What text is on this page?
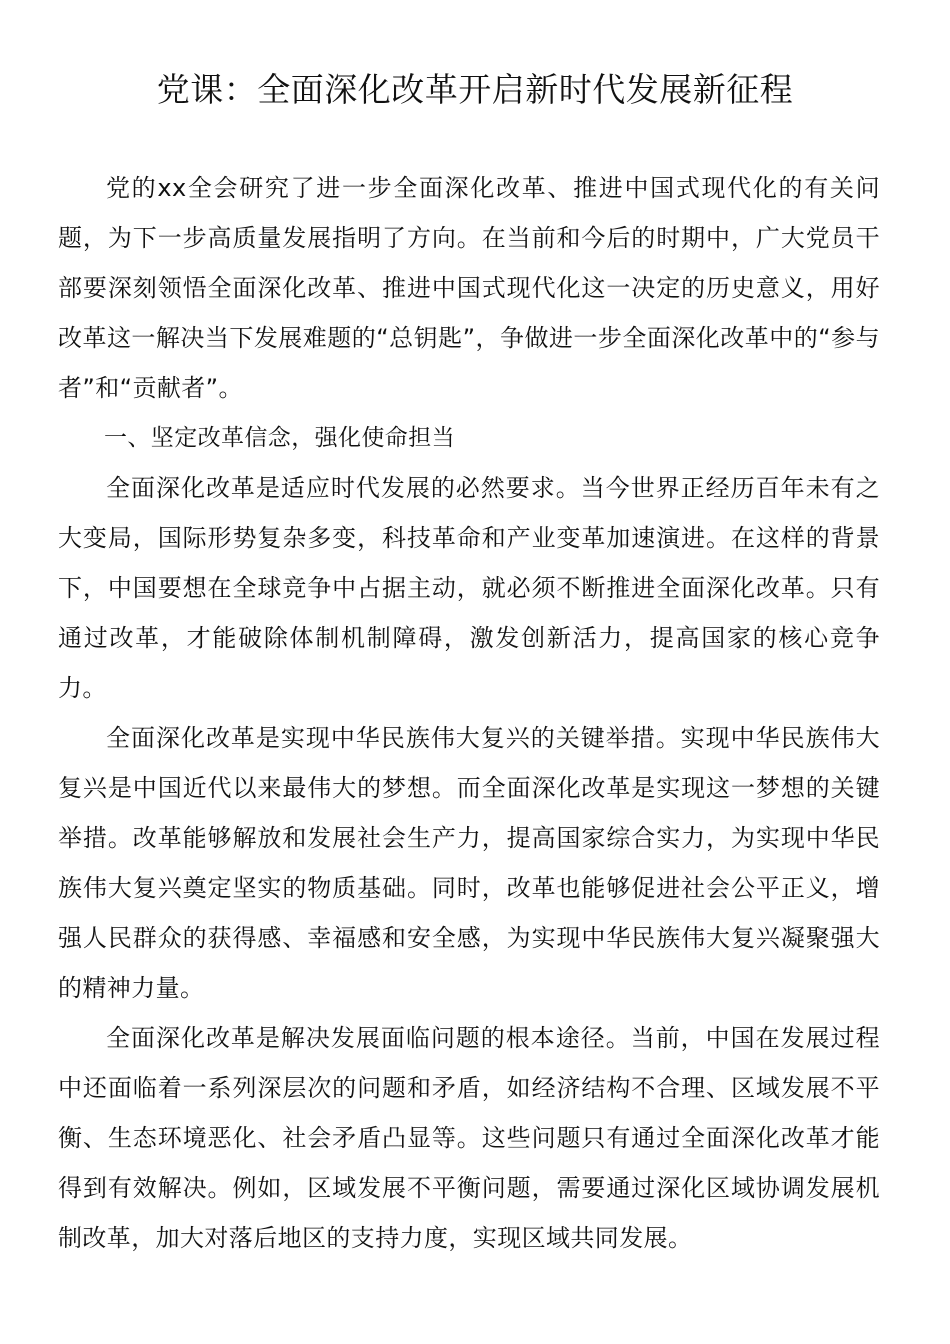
党课：全面深化改革开启新时代发展新征程

党的xx全会研究了进一步全面深化改革、推进中国式现代化的有关问题，为下一步高质量发展指明了方向。在当前和今后的时期中，广大党员干部要深刻领悟全面深化改革、推进中国式现代化这一决定的历史意义，用好改革这一解决当下发展难题的“总钥匙”，争做进一步全面深化改革中的“参与者”和“贡献者”。

一、坚定改革信念，强化使命担当

全面深化改革是适应时代发展的必然要求。当今世界正经历百年未有之大变局，国际形势复杂多变，科技革命和产业变革加速演进。在这样的背景下，中国要想在全球竞争中占据主动，就必须不断推进全面深化改革。只有通过改革，才能破除体制机制障碍，激发创新活力，提高国家的核心竞争力。

全面深化改革是实现中华民族伟大复兴的关键举措。实现中华民族伟大复兴是中国近代以来最伟大的梦想。而全面深化改革是实现这一梦想的关键举措。改革能够解放和发展社会生产力，提高国家综合实力，为实现中华民族伟大复兴奠定坚实的物质基础。同时，改革也能够促进社会公平正义，增强人民群众的获得感、幸福感和安全感，为实现中华民族伟大复兴凝聚强大的精神力量。

全面深化改革是解决发展面临问题的根本途径。当前，中国在发展过程中还面临着一系列深层次的问题和矛盾，如经济结构不合理、区域发展不平衡、生态环境恶化、社会矛盾凸显等。这些问题只有通过全面深化改革才能得到有效解决。例如，区域发展不平衡问题，需要通过深化区域协调发展机制改革，加大对落后地区的支持力度，实现区域共同发展。
